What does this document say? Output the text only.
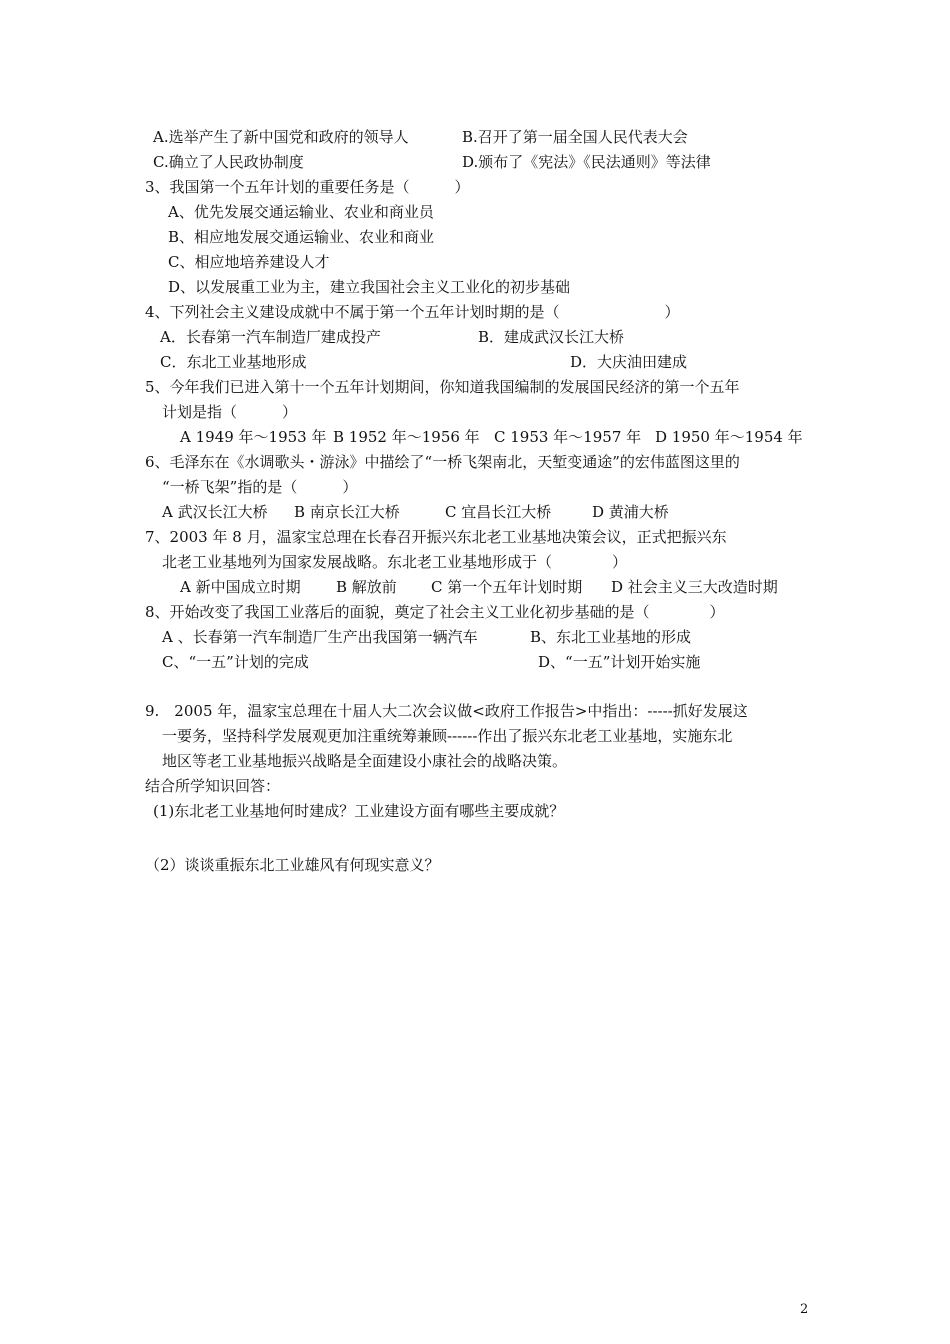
A.选举产生了新中国党和政府的领导人	B.召开了第一届全国人民代表大会
C.确立了人民政协制度	D.颁布了《宪法》《民法通则》等法律
3、我国第一个五年计划的重要任务是（　　　）
A、优先发展交通运输业、农业和商业员
B、相应地发展交通运输业、农业和商业
C、相应地培养建设人才
D、以发展重工业为主，建立我国社会主义工业化的初步基础
4、下列社会主义建设成就中不属于第一个五年计划时期的是（　　　　　　　）
A．长春第一汽车制造厂建成投产	B．建成武汉长江大桥
C．东北工业基地形成	D．大庆油田建成
5、今年我们已进入第十一个五年计划期间，你知道我国编制的发展国民经济的第一个五年
计划是指（　　　）
A 1949 年～1953 年 B 1952 年～1956 年 C 1953 年～1957 年 D 1950 年～1954 年
6、毛泽东在《水调歌头・游泳》中描绘了“一桥飞架南北，天堑变通途”的宏伟蓝图这里的
“一桥飞架”指的是（　　　）
A 武汉长江大桥 B 南京长江大桥	C 宜昌长江大桥	D 黄浦大桥
7、2003 年 8 月，温家宝总理在长春召开振兴东北老工业基地决策会议，正式把振兴东
北老工业基地列为国家发展战略。东北老工业基地形成于（　　　　）
A 新中国成立时期 B 解放前 C 第一个五年计划时期 D 社会主义三大改造时期
8、开始改变了我国工业落后的面貌，奠定了社会主义工业化初步基础的是（　　　　）
A 、长春第一汽车制造厂生产出我国第一辆汽车	B、东北工业基地的形成
C、“一五”计划的完成	D、“一五”计划开始实施
9.　2005 年，温家宝总理在十届人大二次会议做<政府工作报告>中指出：-----抓好发展这
一要务，坚持科学发展观更加注重统筹兼顾------作出了振兴东北老工业基地，实施东北
地区等老工业基地振兴战略是全面建设小康社会的战略决策。
结合所学知识回答：
(1)东北老工业基地何时建成？工业建设方面有哪些主要成就？
（2）谈谈重振东北工业雄风有何现实意义？
2
